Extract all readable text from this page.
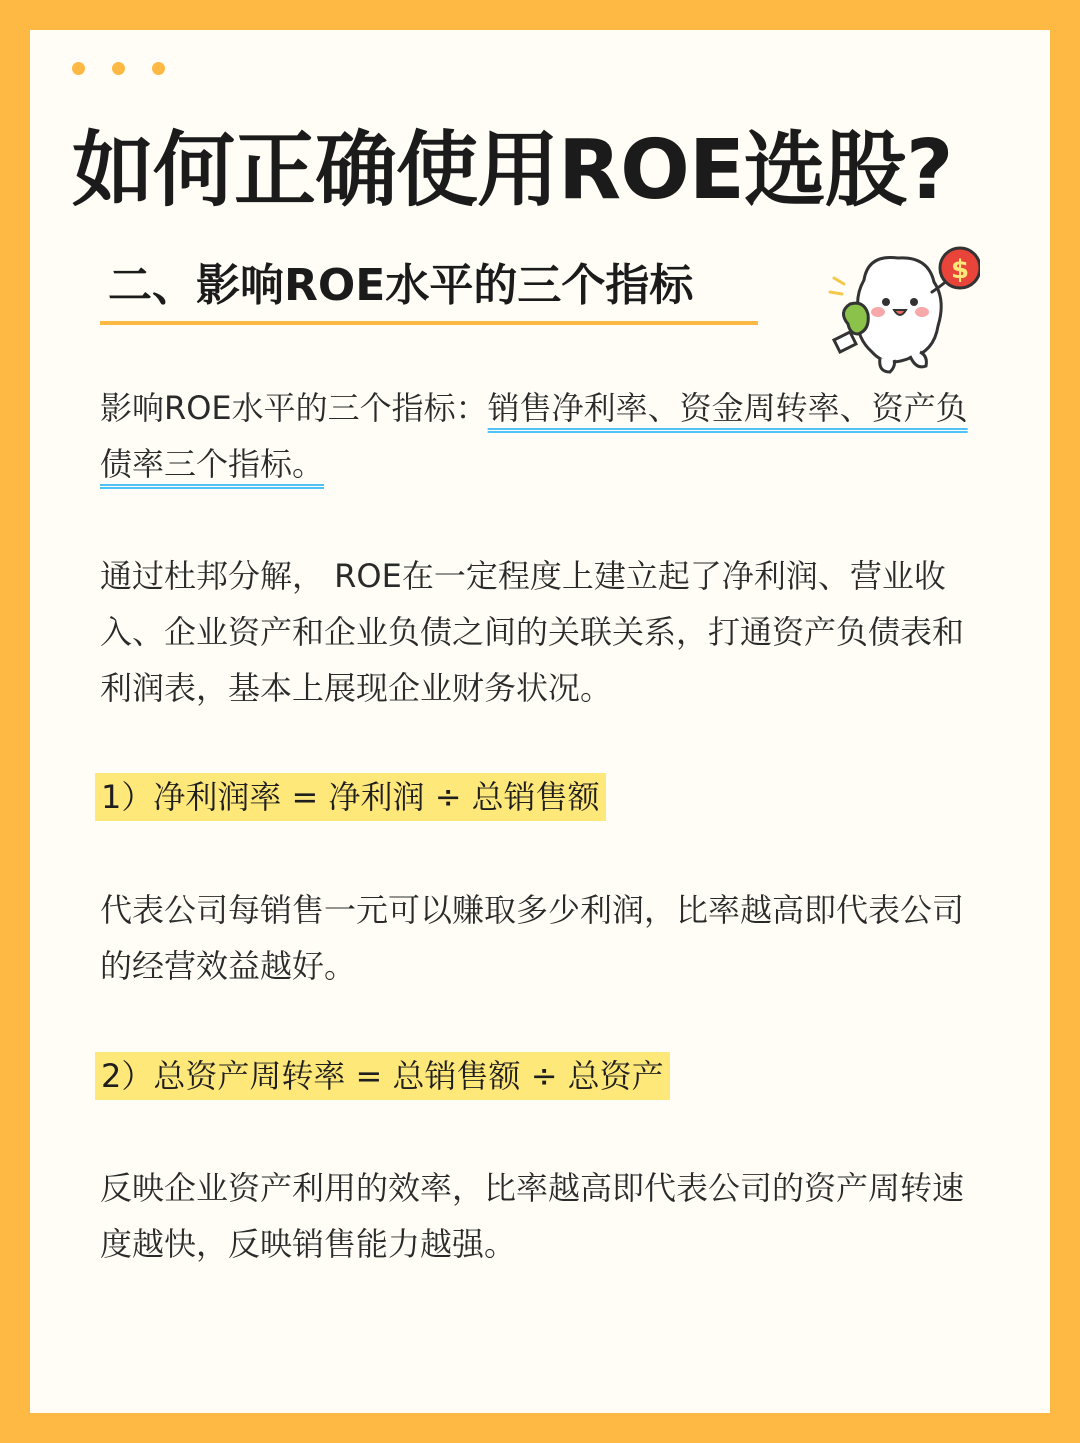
如何正确使用ROE选股?
二、影响ROE水平的三个指标	$

影响ROE水平的三个指标：销售净利率、资金周转率、资产负债率三个指标。

通过杜邦分解， ROE在一定程度上建立起了净利润、营业收入、企业资产和企业负债之间的关联关系，打通资产负债表和利润表，基本上展现企业财务状况。

1）净利润率 = 净利润 ÷ 总销售额

代表公司每销售一元可以赚取多少利润，比率越高即代表公司的经营效益越好。

2）总资产周转率 = 总销售额 ÷ 总资产

反映企业资产利用的效率，比率越高即代表公司的资产周转速度越快，反映销售能力越强。
